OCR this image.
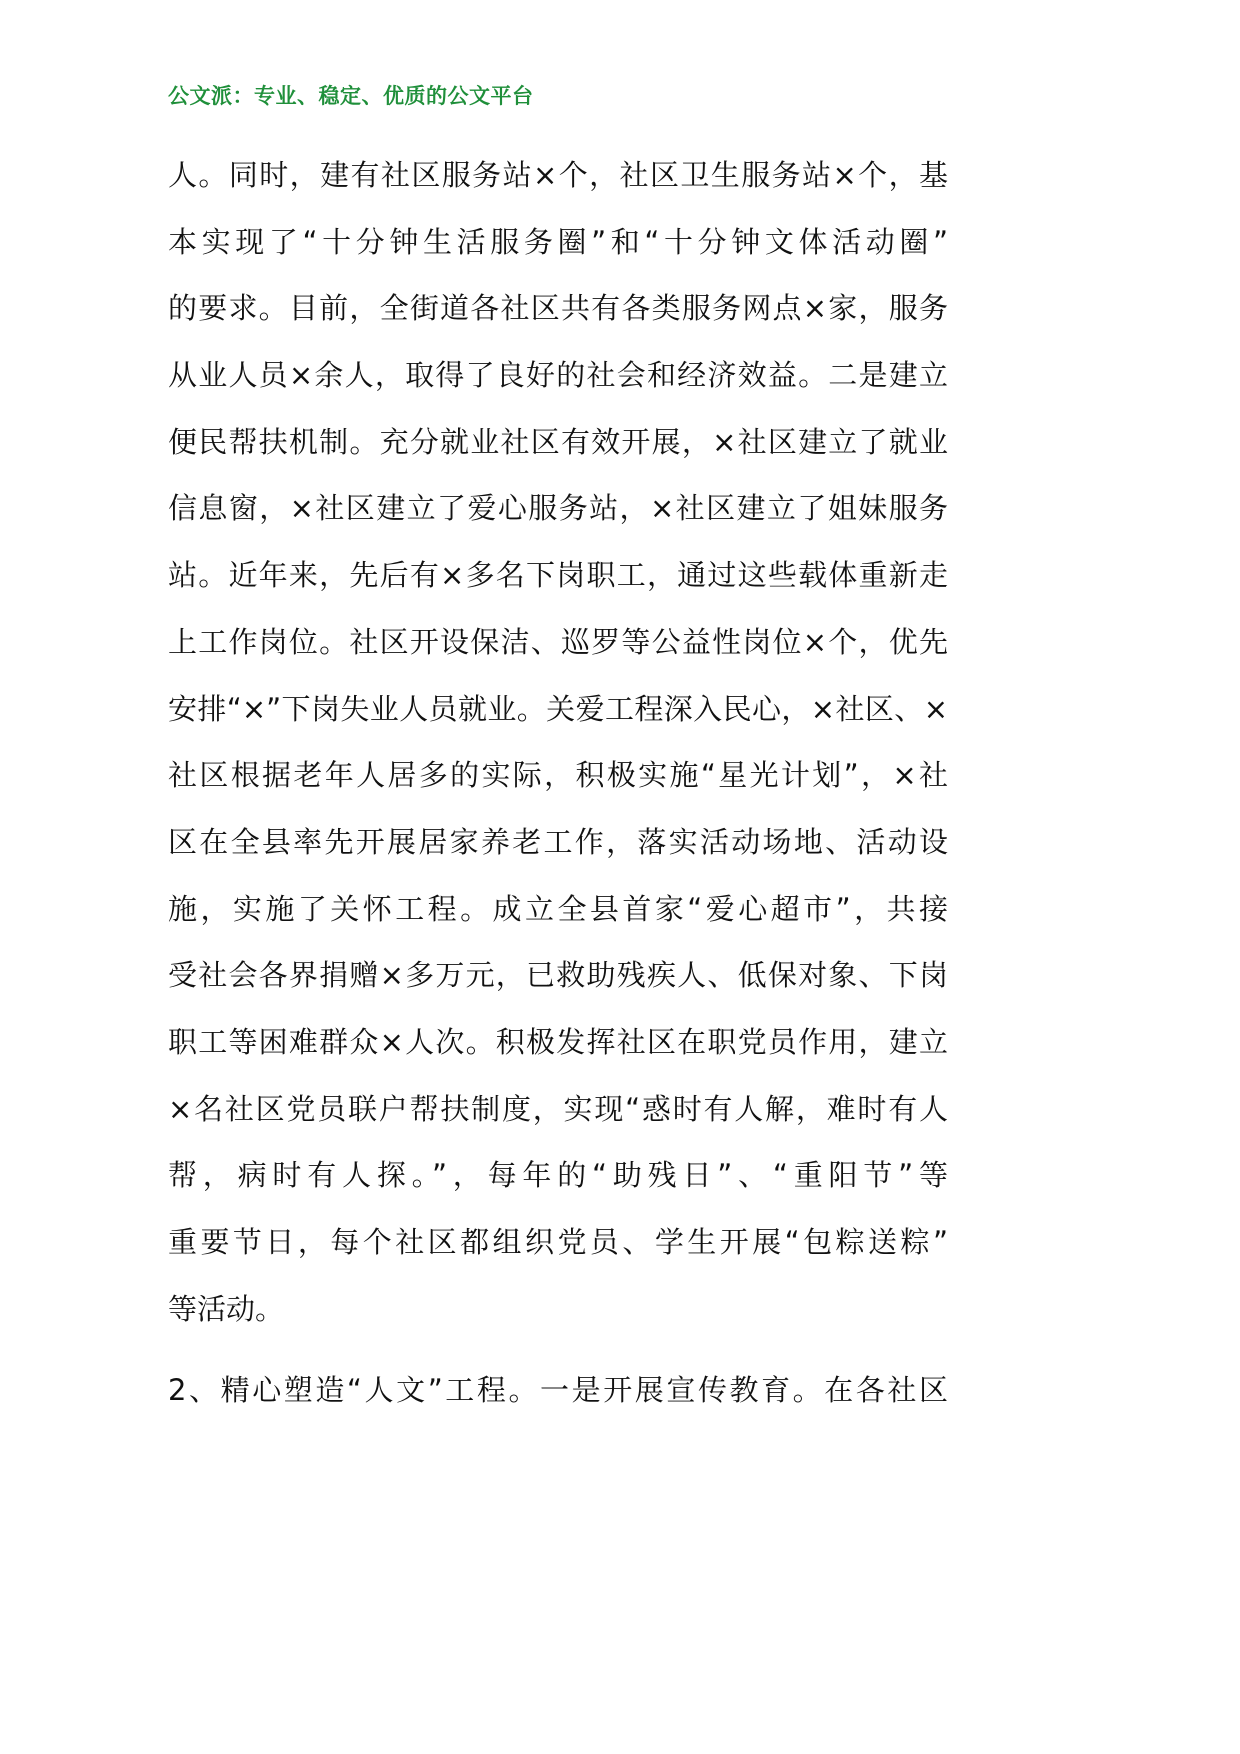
公文派：专业、稳定、优质的公文平台
人。同时，建有社区服务站×个，社区卫生服务站×个，基
本实现了“十分钟生活服务圈”和“十分钟文体活动圈”
的要求。目前，全街道各社区共有各类服务网点×家，服务
从业人员×余人，取得了良好的社会和经济效益。二是建立
便民帮扶机制。充分就业社区有效开展，×社区建立了就业
信息窗，×社区建立了爱心服务站，×社区建立了姐妹服务
站。近年来，先后有×多名下岗职工，通过这些载体重新走
上工作岗位。社区开设保洁、巡罗等公益性岗位×个，优先
安排“×”下岗失业人员就业。关爱工程深入民心，×社区、×
社区根据老年人居多的实际，积极实施“星光计划”，×社
区在全县率先开展居家养老工作，落实活动场地、活动设
施，实施了关怀工程。成立全县首家“爱心超市”，共接
受社会各界捐赠×多万元，已救助残疾人、低保对象、下岗
职工等困难群众×人次。积极发挥社区在职党员作用，建立
×名社区党员联户帮扶制度，实现“惑时有人解，难时有人
帮，病时有人探。”，每年的“助残日”、“重阳节”等
重要节日，每个社区都组织党员、学生开展“包粽送粽”
等活动。
2、精心塑造“人文”工程。一是开展宣传教育。在各社区
